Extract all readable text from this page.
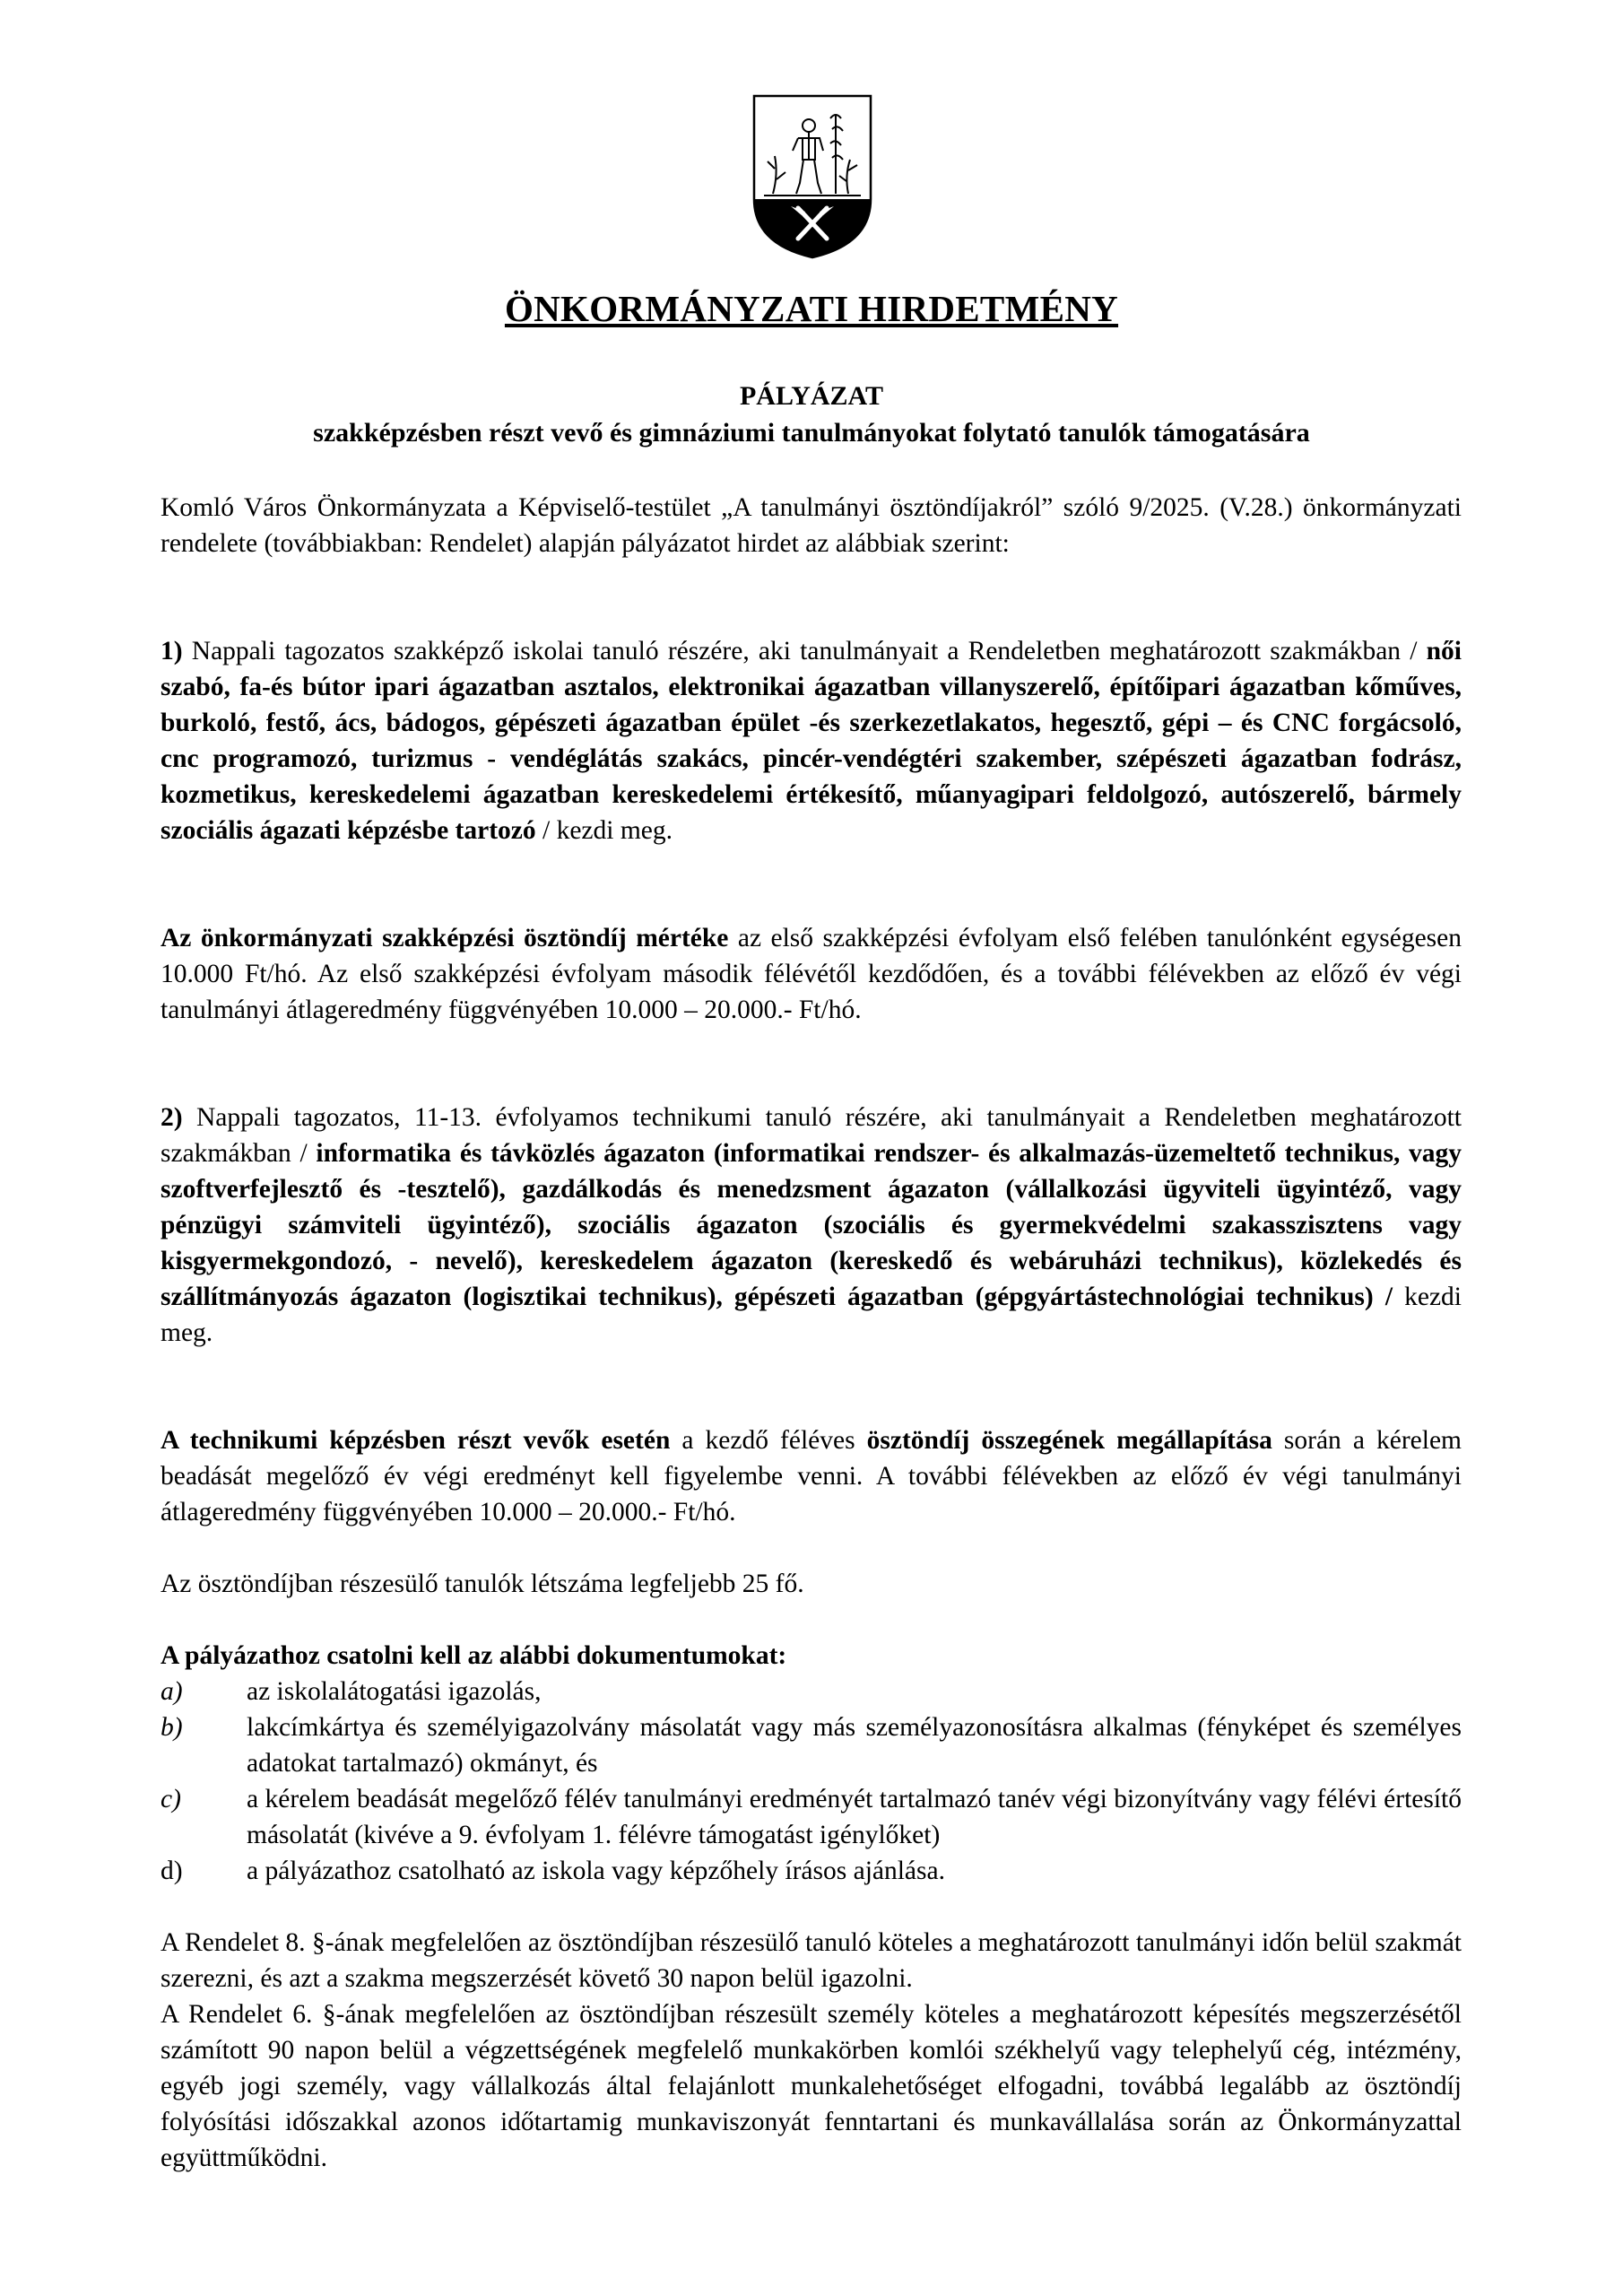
ÖNKORMÁNYZATI HIRDETMÉNY
PÁLYÁZAT
szakképzésben részt vevő és gimnáziumi tanulmányokat folytató tanulók támogatására
Komló Város Önkormányzata a Képviselő-testület „A tanulmányi ösztöndíjakról” szóló 9/2025. (V.28.) önkormányzati rendelete (továbbiakban: Rendelet) alapján pályázatot hirdet az alábbiak szerint:
1) Nappali tagozatos szakképző iskolai tanuló részére, aki tanulmányait a Rendeletben meghatározott szakmákban / női szabó, fa-és bútor ipari ágazatban asztalos, elektronikai ágazatban villanyszerelő, építőipari ágazatban kőműves, burkoló, festő, ács, bádogos, gépészeti ágazatban épület -és szerkezetlakatos, hegesztő, gépi – és CNC forgácsoló, cnc programozó, turizmus - vendéglátás szakács, pincér-vendégtéri szakember, szépészeti ágazatban fodrász, kozmetikus, kereskedelemi ágazatban kereskedelemi értékesítő, műanyagipari feldolgozó, autószerelő, bármely szociális ágazati képzésbe tartozó / kezdi meg.
Az önkormányzati szakképzési ösztöndíj mértéke az első szakképzési évfolyam első felében tanulónként egységesen 10.000 Ft/hó. Az első szakképzési évfolyam második félévétől kezdődően, és a további félévekben az előző év végi tanulmányi átlageredmény függvényében 10.000 – 20.000.- Ft/hó.
2) Nappali tagozatos, 11-13. évfolyamos technikumi tanuló részére, aki tanulmányait a Rendeletben meghatározott szakmákban / informatika és távközlés ágazaton (informatikai rendszer- és alkalmazás-üzemeltető technikus, vagy szoftverfejlesztő és -tesztelő), gazdálkodás és menedzsment ágazaton (vállalkozási ügyviteli ügyintéző, vagy pénzügyi számviteli ügyintéző), szociális ágazaton (szociális és gyermekvédelmi szakasszisztens vagy kisgyermekgondozó, - nevelő), kereskedelem ágazaton (kereskedő és webáruházi technikus), közlekedés és szállítmányozás ágazaton (logisztikai technikus), gépészeti ágazatban (gépgyártástechnológiai technikus) / kezdi meg.
A technikumi képzésben részt vevők esetén a kezdő féléves ösztöndíj összegének megállapítása során a kérelem beadását megelőző év végi eredményt kell figyelembe venni. A további félévekben az előző év végi tanulmányi átlageredmény függvényében 10.000 – 20.000.- Ft/hó.
Az ösztöndíjban részesülő tanulók létszáma legfeljebb 25 fő.
A pályázathoz csatolni kell az alábbi dokumentumokat:
a)	az iskolalátogatási igazolás,
b)	lakcímkártya és személyigazolvány másolatát vagy más személyazonosításra alkalmas (fényképet és személyes adatokat tartalmazó) okmányt, és
c)	a kérelem beadását megelőző félév tanulmányi eredményét tartalmazó tanév végi bizonyítvány vagy félévi értesítő másolatát (kivéve a 9. évfolyam 1. félévre támogatást igénylőket)
d)	a pályázathoz csatolható az iskola vagy képzőhely írásos ajánlása.
A Rendelet 8. §-ának megfelelően az ösztöndíjban részesülő tanuló köteles a meghatározott tanulmányi időn belül szakmát szerezni, és azt a szakma megszerzését követő 30 napon belül igazolni.
A Rendelet 6. §-ának megfelelően az ösztöndíjban részesült személy köteles a meghatározott képesítés megszerzésétől számított 90 napon belül a végzettségének megfelelő munkakörben komlói székhelyű vagy telephelyű cég, intézmény, egyéb jogi személy, vagy vállalkozás által felajánlott munkalehetőséget elfogadni, továbbá legalább az ösztöndíj folyósítási időszakkal azonos időtartamig munkaviszonyát fenntartani és munkavállalása során az Önkormányzattal együttműködni.
